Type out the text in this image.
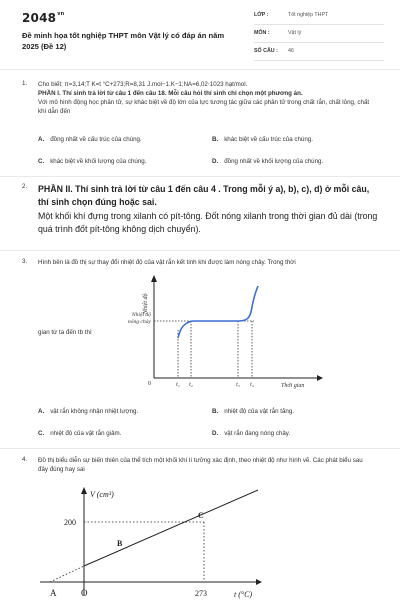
$2048^{vn}$
Đề minh họa tốt nghiệp THPT môn Vật lý có đáp án năm 2025 (Đề 12)
LỚP :	Tốt nghiệp THPT
MÔN :	Vật lý
SỐ CÂU : 46
1. Cho biết: π=3,14;T K=t °C+273;R=8,31 J.mol−1.K−1;NA=6,02⋅1023 hạt/mol.
PHẦN I. Thí sinh trả lời từ câu 1 đến câu 18. Mỗi câu hỏi thí sinh chỉ chọn một phương án.
Với mô hình động học phân tử, sự khác biệt về độ lớn của lực tương tác giữa các phân tử trong chất rắn, chất lỏng, chất khí dẫn đến
A. đồng nhất về cấu trúc của chúng.	B. khác biệt về cấu trúc của chúng.
C. khác biệt về khối lượng của chúng.	D. đồng nhất về khối lượng của chúng.
2. PHẦN II. Thí sinh trả lời từ câu 1 đến câu 4 . Trong mỗi ý a), b), c), d) ở mỗi câu, thí sinh chọn đúng hoặc sai.
Một khối khí đựng trong xilanh có pít-tông. Đốt nóng xilanh trong thời gian đủ dài (trong quá trình đốt pít-tông không dịch chuyển).
3. Hình bên là đồ thị sự thay đổi nhiệt độ của vật rắn kết tinh khi được làm nóng chảy. Trong thời
gian từ ta đến tb thì
Nhiệt độ
Nhiệt độ
nóng chảy
0	t₁ t₂	t₃ t₄	Thời gian
A. vật rắn không nhận nhiệt lượng.	B. nhiệt độ của vật rắn tăng.
C. nhiệt độ của vật rắn giảm.	D. vật rắn đang nóng chảy.
4. Đồ thị biểu diễn sự biến thiên của thể tích một khối khí lí tưởng xác định, theo nhiệt độ như hình vẽ. Các phát biểu sau đây đúng hay sai
A	O
V (cm³)
200
273	t (°C)
B
C
